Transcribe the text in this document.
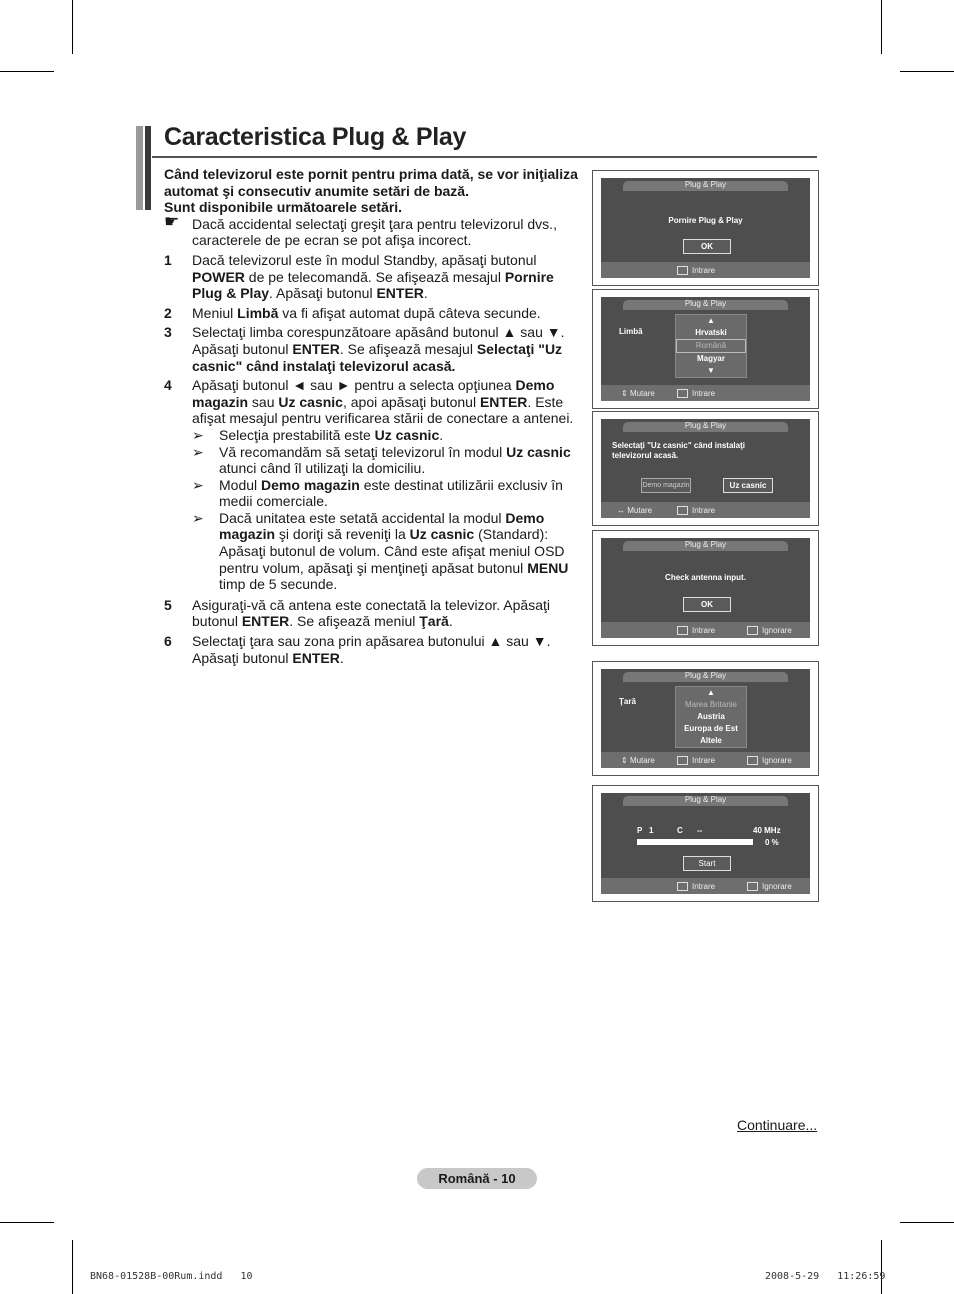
Caracteristica Plug & Play

Când televizorul este pornit pentru prima dată, se vor iniţializa

automat şi consecutiv anumite setări de bază.

Sunt disponibile următoarele setări.

☛ Dacă accidental selectaţi greşit ţara pentru televizorul dvs., caracterele de pe ecran se pot afişa incorect.
1 Dacă televizorul este în modul Standby, apăsaţi butonul POWER de pe telecomandă. Se afişează mesajul Pornire Plug & Play. Apăsaţi butonul ENTER.
2 Meniul Limbă va fi afişat automat după câteva secunde.
3 Selectaţi limba corespunzătoare apăsând butonul ▲ sau ▼. Apăsaţi butonul ENTER. Se afişează mesajul Selectaţi "Uz casnic" când instalaţi televizorul acasă.
4 Apăsaţi butonul ◄ sau ► pentru a selecta opţiunea Demo magazin sau Uz casnic, apoi apăsaţi butonul ENTER. Este afişat mesajul pentru verificarea stării de conectare a antenei.
➢ Selecţia prestabilită este Uz casnic.
➢ Vă recomandăm să setaţi televizorul în modul Uz casnic atunci când îl utilizaţi la domiciliu.
➢ Modul Demo magazin este destinat utilizării exclusiv în medii comerciale.
➢ Dacă unitatea este setată accidental la modul Demo magazin şi doriţi să reveniţi la Uz casnic (Standard): Apăsaţi butonul de volum. Când este afişat meniul OSD pentru volum, apăsaţi şi menţineţi apăsat butonul MENU timp de 5 secunde.
5 Asiguraţi-vă că antena este conectată la televizor. Apăsaţi butonul ENTER. Se afişează meniul Ţară.
6 Selectaţi ţara sau zona prin apăsarea butonului ▲ sau ▼. Apăsaţi butonul ENTER.
Plug & Play
Pornire Plug & Play
OK
Intrare
Plug & Play
Limbă
▲
Hrvatski
Română
Magyar
▼
⇕ Mutare	Intrare
Plug & Play
Selectaţi "Uz casnic" când instalaţi
televizorul acasă.
Demo magazin	Uz casnic
↔ Mutare	Intrare
Plug & Play
Check antenna input.
OK
Intrare	Ignorare
Plug & Play
Ţară
▲
Marea Britanie
Austria
Europa de Est
Altele
⇕ Mutare	Intrare	Ignorare
Plug & Play
P 1	C --	40 MHz
0 %
Start
Intrare	Ignorare
Continuare...
Română - 10
BN68-01528B-00Rum.indd   10	2008-5-29   11:26:59
